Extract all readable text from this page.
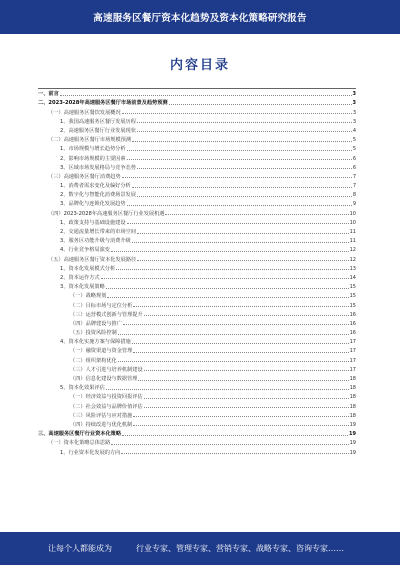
高速服务区餐厅资本化趋势及资本化策略研究报告
内容目录
一、前言	3
二、2023-2028年高速服务区餐厅市场前景及趋势预测	3
（一）高速服务区餐饮发展概况	3
1、我国高速服务区餐厅发展历程	3
2、高速服务区餐厅行业发展现状	4
（二）高速服务区餐厅市场规模预测	5
1、市场规模与增长趋势分析	5
2、影响市场规模的主要因素	6
3、区域市场发展格局与竞争态势	6
（三）高速服务区餐厅消费趋势	7
1、消费者需求变化及偏好分析	7
2、数字化与智能化消费场景发展	8
3、品牌化与连锁化发展趋势	9
（四）2023-2028年高速服务区餐厅行业发展机遇	10
1、政策支持与基础设施建设	10
2、交通流量增长带来的市场空间	11
3、服务区功能升级与消费升级	11
4、行业竞争格局演变	12
（五）高速服务区餐厅资本化发展路径	12
1、资本化发展模式分析	13
2、资本运作方式	14
3、资本化发展策略	15
（一）战略规划	15
（二）目标市场与定位分析	15
（三）运营模式创新与管理提升	16
（四）品牌建设与推广	16
（五）投资风险控制	16
4、资本化实施方案与保障措施	17
（一）融资渠道与资金管理	17
（二）组织架构优化	17
（三）人才引进与培养机制建设	17
（四）信息化建设与数据管理	18
5、资本化效果评估	18
（一）经济效益与投资回报评估	18
（二）社会效益与品牌价值评估	18
（三）风险评估与应对措施	18
（四）持续改进与优化机制	19
三、高速服务区餐厅行业资本化策略	19
（一）资本化策略总体思路	19
1、行业资本化发展的方向	19
让每个人都能成为	行业专家、管理专家、营销专家、战略专家、咨询专家……
